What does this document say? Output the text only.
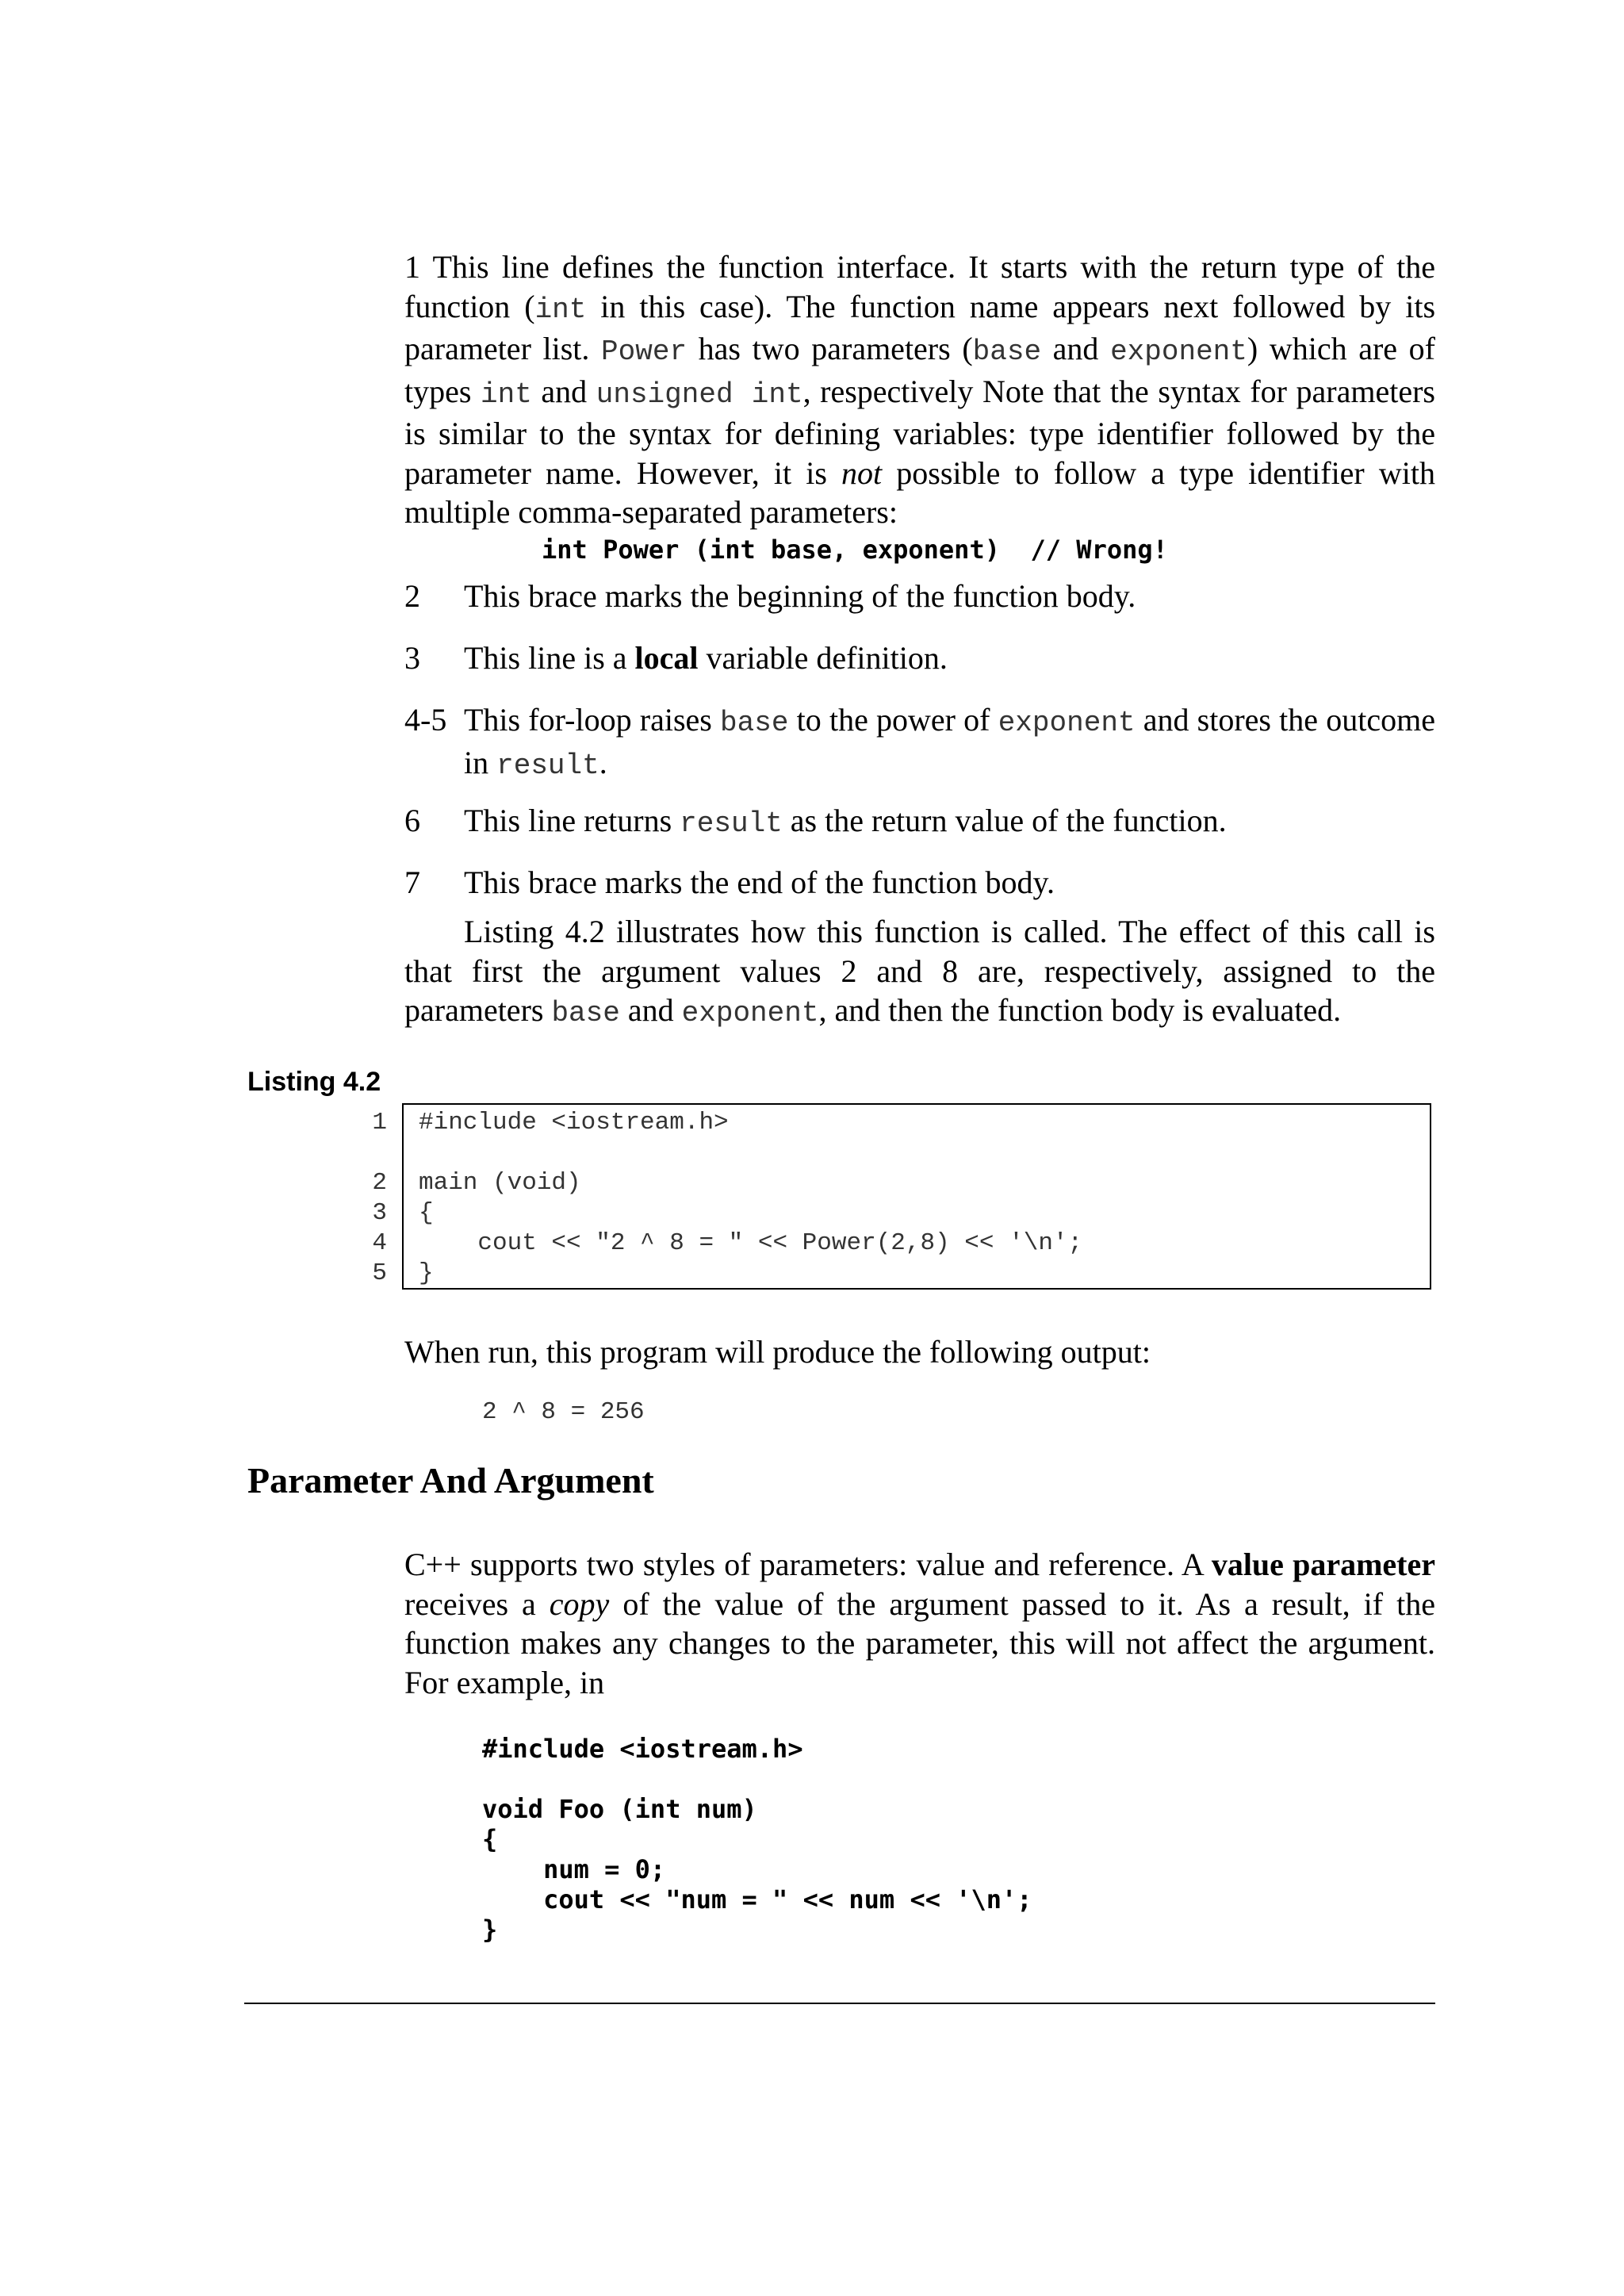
1 This line defines the function interface. It starts with the return type of the function (int in this case). The function name appears next followed by its parameter list. Power has two parameters (base and exponent) which are of types int and unsigned int, respectively Note that the syntax for parameters is similar to the syntax for defining variables: type identifier followed by the parameter name. However, it is not possible to follow a type identifier with multiple comma-separated parameters:

int Power (int base, exponent)  // Wrong!
2 This brace marks the beginning of the function body.
3 This line is a local variable definition.
4-5 This for-loop raises base to the power of exponent and stores the outcome in result.
6 This line returns result as the return value of the function.
7 This brace marks the end of the function body.

Listing 4.2 illustrates how this function is called. The effect of this call is that first the argument values 2 and 8 are, respectively, assigned to the parameters base and exponent, and then the function body is evaluated.

Listing 4.2
1
2
3
4
5
#include <iostream.h>
main (void)
{
cout << "2 ^ 8 = " << Power(2,8) << '\n';
}
When run, this program will produce the following output:
2 ^ 8 = 256
Parameter And Argument

C++ supports two styles of parameters: value and reference. A value parameter receives a copy of the value of the argument passed to it. As a result, if the function makes any changes to the parameter, this will not affect the argument. For example, in

#include <iostream.h>
void Foo (int num)
{
num = 0;
cout << "num = " << num << '\n';
}
